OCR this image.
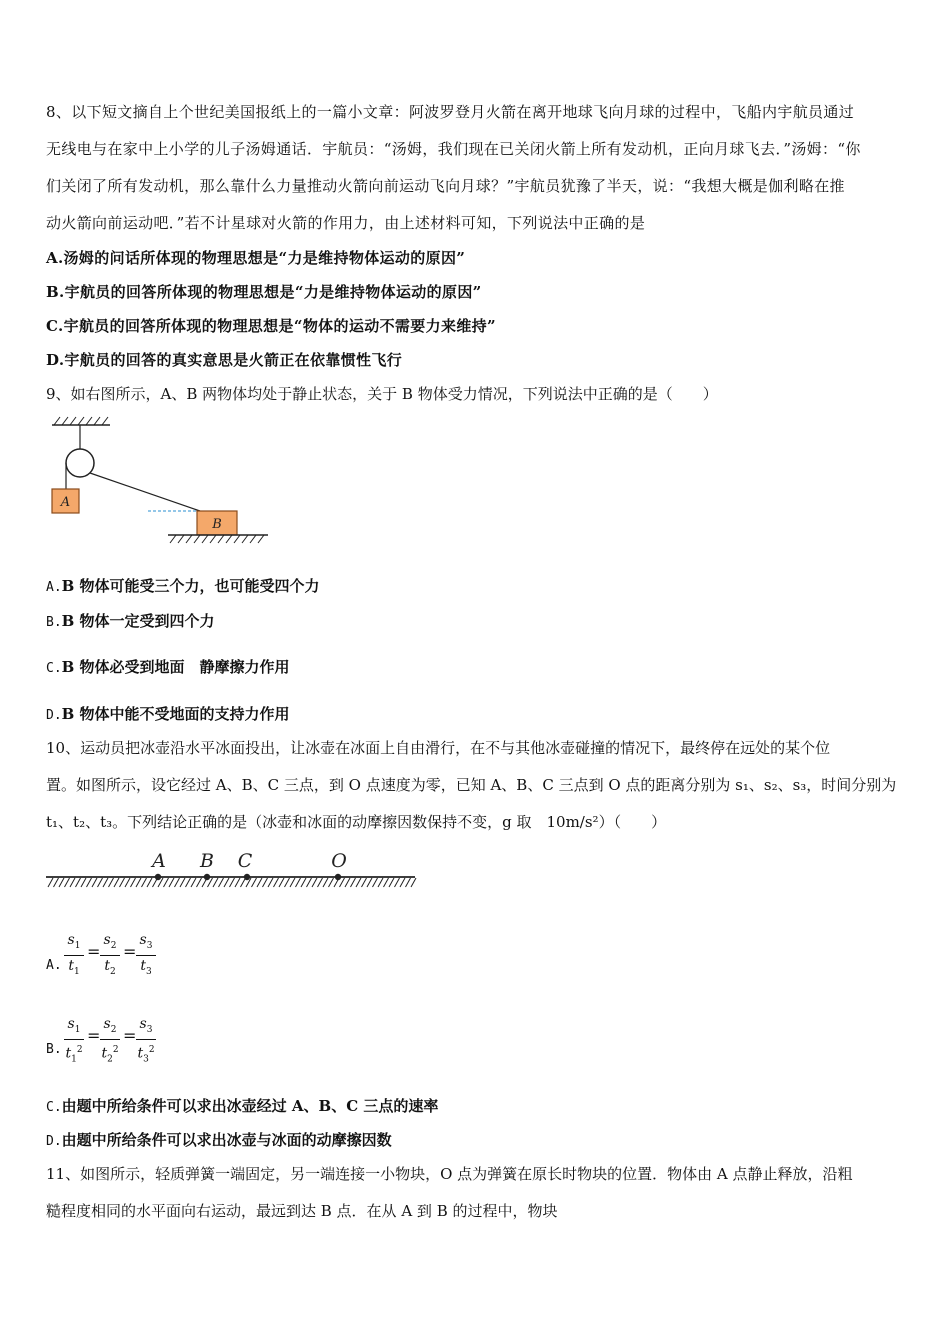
8、以下短文摘自上个世纪美国报纸上的一篇小文章：阿波罗登月火箭在离开地球飞向月球的过程中，飞船内宇航员通过
无线电与在家中上小学的儿子汤姆通话．宇航员：“汤姆，我们现在已关闭火箭上所有发动机，正向月球飞去．”汤姆：“你
们关闭了所有发动机，那么靠什么力量推动火箭向前运动飞向月球？”宇航员犹豫了半天，说：“我想大概是伽利略在推
动火箭向前运动吧．”若不计星球对火箭的作用力，由上述材料可知，下列说法中正确的是
A.汤姆的问话所体现的物理思想是“力是维持物体运动的原因”
B.宇航员的回答所体现的物理思想是“力是维持物体运动的原因”
C.宇航员的回答所体现的物理思想是“物体的运动不需要力来维持”
D.宇航员的回答的真实意思是火箭正在依靠惯性飞行
9、如右图所示，A、B 两物体均处于静止状态，关于 B 物体受力情况，下列说法中正确的是（　　）
A
B
A.B 物体可能受三个力，也可能受四个力
B.B 物体一定受到四个力
C.B 物体必受到地面　静摩擦力作用
D.B 物体中能不受地面的支持力作用
10、运动员把冰壶沿水平冰面投出，让冰壶在冰面上自由滑行，在不与其他冰壶碰撞的情况下，最终停在远处的某个位
置。如图所示，设它经过 A、B、C 三点，到 O 点速度为零，已知 A、B、C 三点到 O 点的距离分别为 s₁、s₂、s₃，时间分别为
t₁、t₂、t₃。下列结论正确的是（冰壶和冰面的动摩擦因数保持不变，g 取　10m/s²）（　　）
A B C	O
A. $\frac{s_1}{t_1} = \frac{s_2}{t_2} = \frac{s_3}{t_3}$
B. $\frac{s_1}{t_1^2} = \frac{s_2}{t_2^2} = \frac{s_3}{t_3^2}$
C.由题中所给条件可以求出冰壶经过 A、B、C 三点的速率
D.由题中所给条件可以求出冰壶与冰面的动摩擦因数
11、如图所示，轻质弹簧一端固定，另一端连接一小物块，O 点为弹簧在原长时物块的位置．物体由 A 点静止释放，沿粗
糙程度相同的水平面向右运动，最远到达 B 点．在从 A 到 B 的过程中，物块
